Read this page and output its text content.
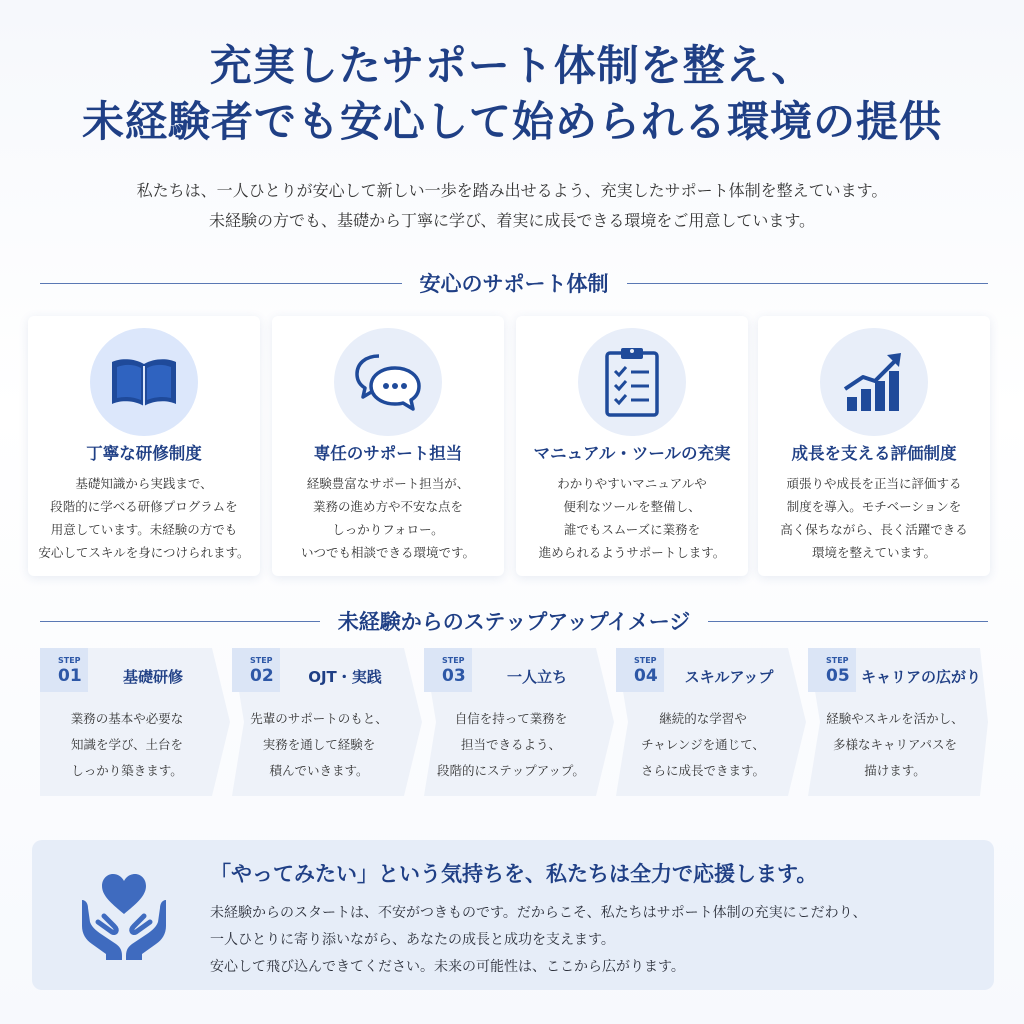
充実したサポート体制を整え、
未経験者でも安心して始められる環境の提供
私たちは、一人ひとりが安心して新しい一歩を踏み出せるよう、充実したサポート体制を整えています。
未経験の方でも、基礎から丁寧に学び、着実に成長できる環境をご用意しています。
安心のサポート体制
丁寧な研修制度
基礎知識から実践まで、
段階的に学べる研修プログラムを
用意しています。未経験の方でも
安心してスキルを身につけられます。
専任のサポート担当
経験豊富なサポート担当が、
業務の進め方や不安な点を
しっかりフォロー。
いつでも相談できる環境です。
マニュアル・ツールの充実
わかりやすいマニュアルや
便利なツールを整備し、
誰でもスムーズに業務を
進められるようサポートします。
成長を支える評価制度
頑張りや成長を正当に評価する
制度を導入。モチベーションを
高く保ちながら、長く活躍できる
環境を整えています。
未経験からのステップアップイメージ
STEP
01	基礎研修
業務の基本や必要な
知識を学び、土台を
しっかり築きます。
STEP
02	OJT・実践
先輩のサポートのもと、
実務を通して経験を
積んでいきます。
STEP
03	一人立ち
自信を持って業務を
担当できるよう、
段階的にステップアップ。
STEP
04	スキルアップ
継続的な学習や
チャレンジを通じて、
さらに成長できます。
STEP
05 キャリアの広がり
経験やスキルを活かし、
多様なキャリアパスを
描けます。
「やってみたい」という気持ちを、私たちは全力で応援します。
未経験からのスタートは、不安がつきものです。だからこそ、私たちはサポート体制の充実にこだわり、
一人ひとりに寄り添いながら、あなたの成長と成功を支えます。
安心して飛び込んできてください。未来の可能性は、ここから広がります。
